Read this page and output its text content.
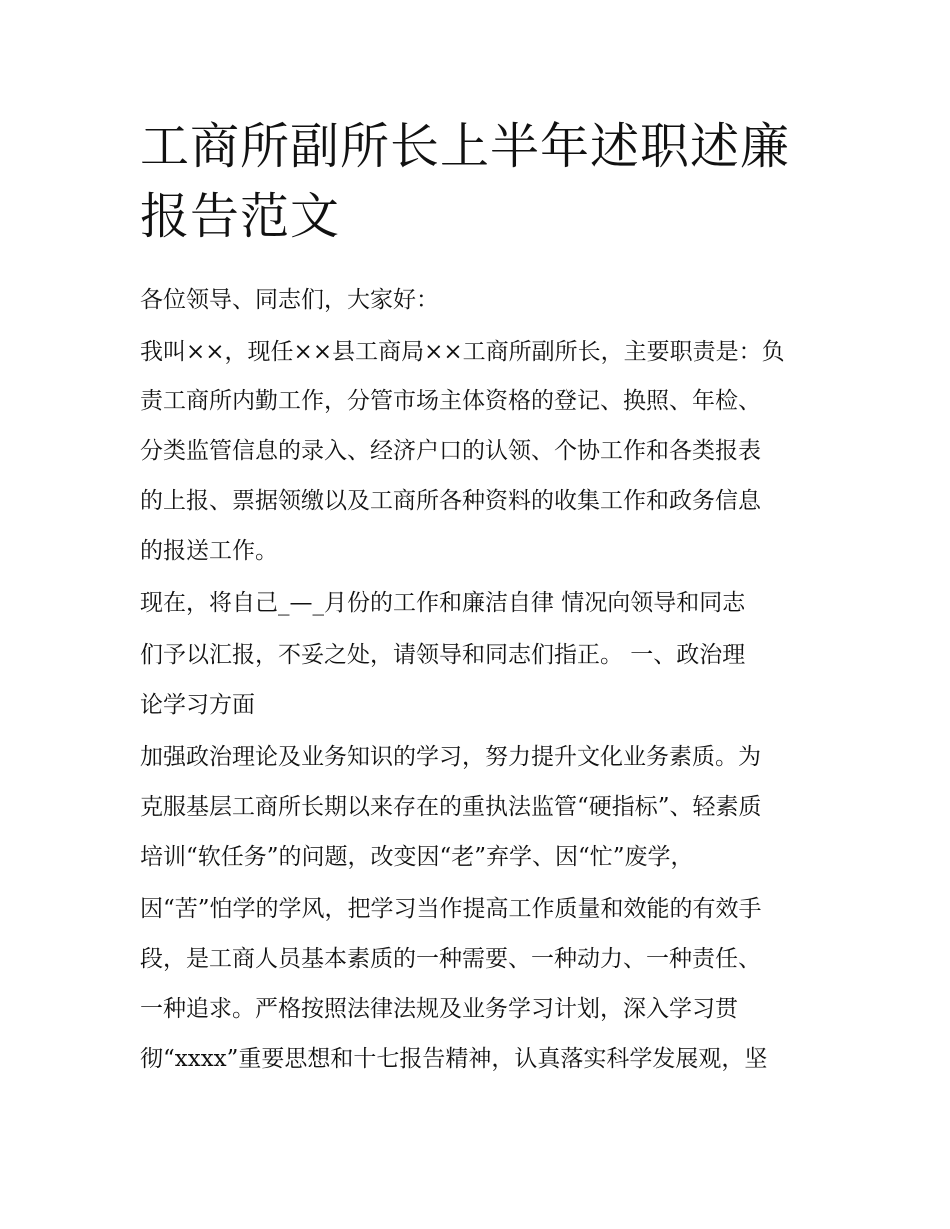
工商所副所长上半年述职述廉
报告范文

各位领导、同志们，大家好：

我叫××，现任××县工商局××工商所副所长，主要职责是：负

责工商所内勤工作，分管市场主体资格的登记、换照、年检、

分类监管信息的录入、经济户口的认领、个协工作和各类报表

的上报、票据领缴以及工商所各种资料的收集工作和政务信息

的报送工作。

现在，将自己_—_月份的工作和廉洁自律 情况向领导和同志

们予以汇报，不妥之处，请领导和同志们指正。 一、政治理

论学习方面

加强政治理论及业务知识的学习，努力提升文化业务素质。为

克服基层工商所长期以来存在的重执法监管“硬指标”、轻素质

培训“软任务”的问题，改变因“老”弃学、因“忙”废学，

因“苦”怕学的学风，把学习当作提高工作质量和效能的有效手

段，是工商人员基本素质的一种需要、一种动力、一种责任、

一种追求。严格按照法律法规及业务学习计划，深入学习贯

彻“xxxx”重要思想和十七报告精神，认真落实科学发展观，坚
